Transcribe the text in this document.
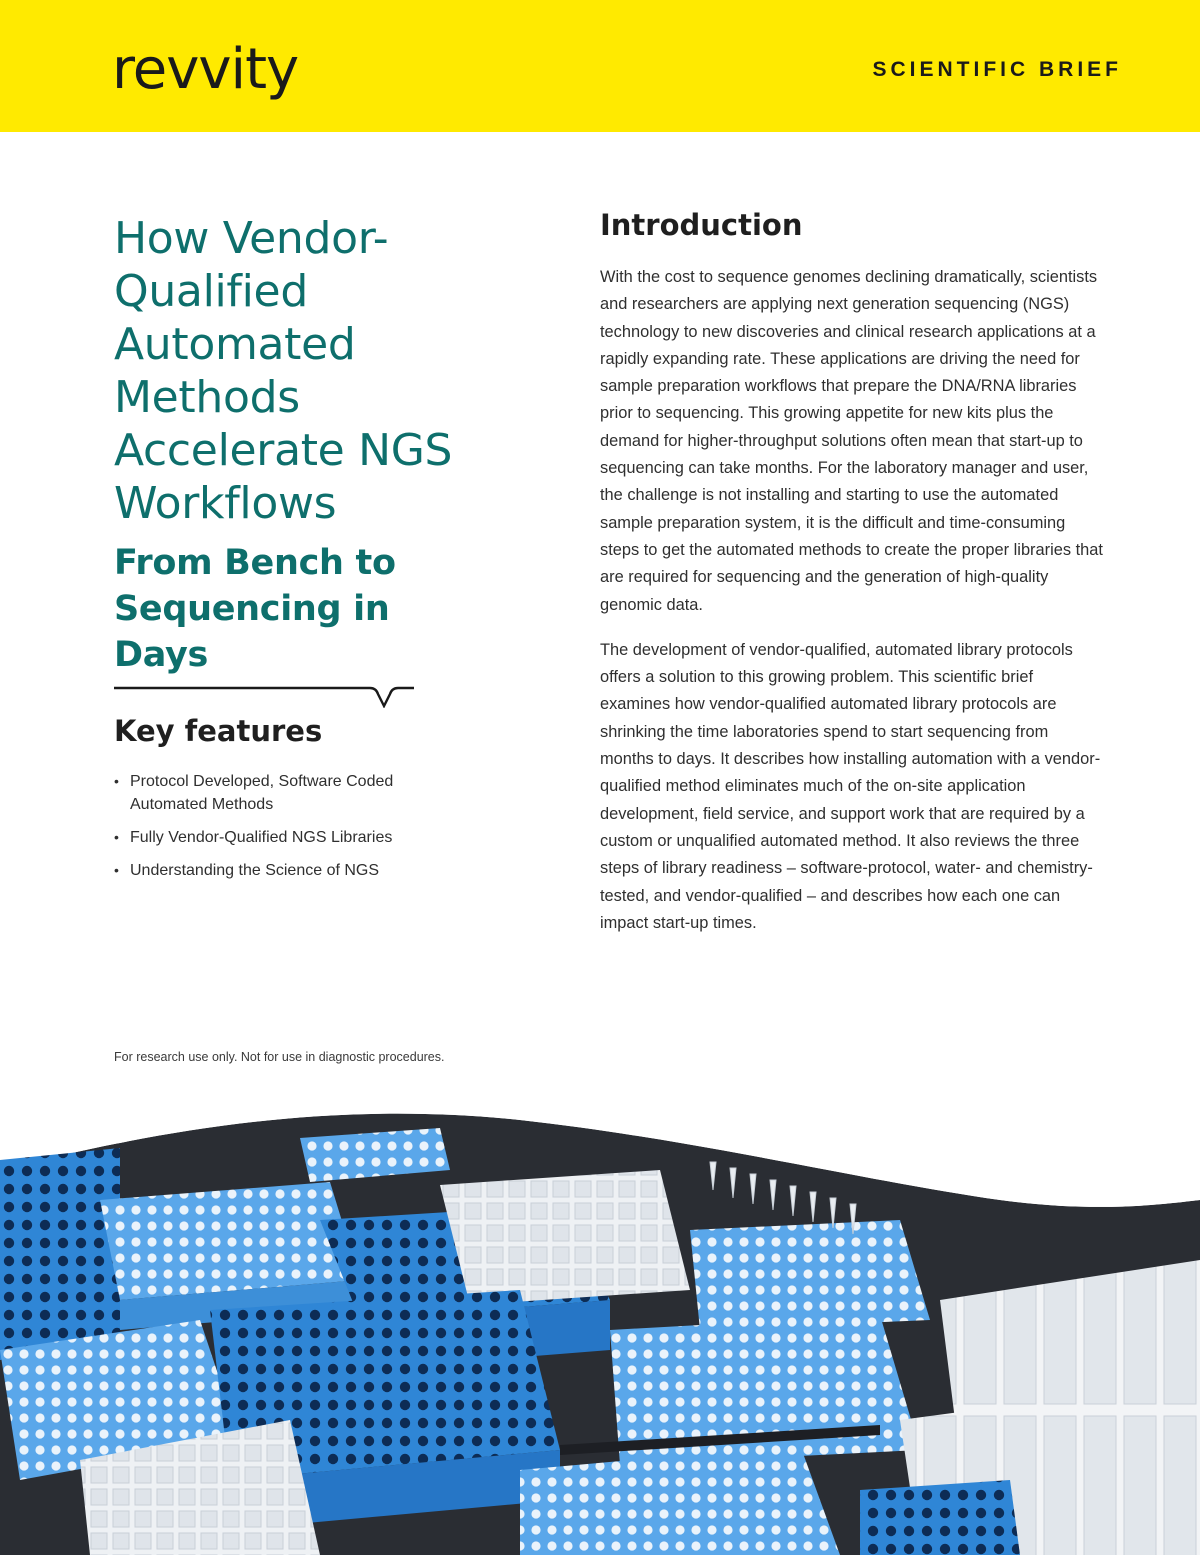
revvity	SCIENTIFIC BRIEF
How Vendor-Qualified Automated Methods Accelerate NGS Workflows
From Bench to Sequencing in Days
Key features
• Protocol Developed, Software Coded Automated Methods
• Fully Vendor-Qualified NGS Libraries
• Understanding the Science of NGS
Introduction

With the cost to sequence genomes declining dramatically, scientists and researchers are applying next generation sequencing (NGS) technology to new discoveries and clinical research applications at a rapidly expanding rate. These applications are driving the need for sample preparation workflows that prepare the DNA/RNA libraries prior to sequencing. This growing appetite for new kits plus the demand for higher-throughput solutions often mean that start-up to sequencing can take months. For the laboratory manager and user, the challenge is not installing and starting to use the automated sample preparation system, it is the difficult and time-consuming steps to get the automated methods to create the proper libraries that are required for sequencing and the generation of high-quality genomic data.

The development of vendor-qualified, automated library protocols offers a solution to this growing problem. This scientific brief examines how vendor-qualified automated library protocols are shrinking the time laboratories spend to start sequencing from months to days. It describes how installing automation with a vendor-qualified method eliminates much of the on-site application development, field service, and support work that are required by a custom or unqualified automated method. It also reviews the three steps of library readiness – software-protocol, water- and chemistry-tested, and vendor-qualified – and describes how each one can impact start-up times.

For research use only. Not for use in diagnostic procedures.
